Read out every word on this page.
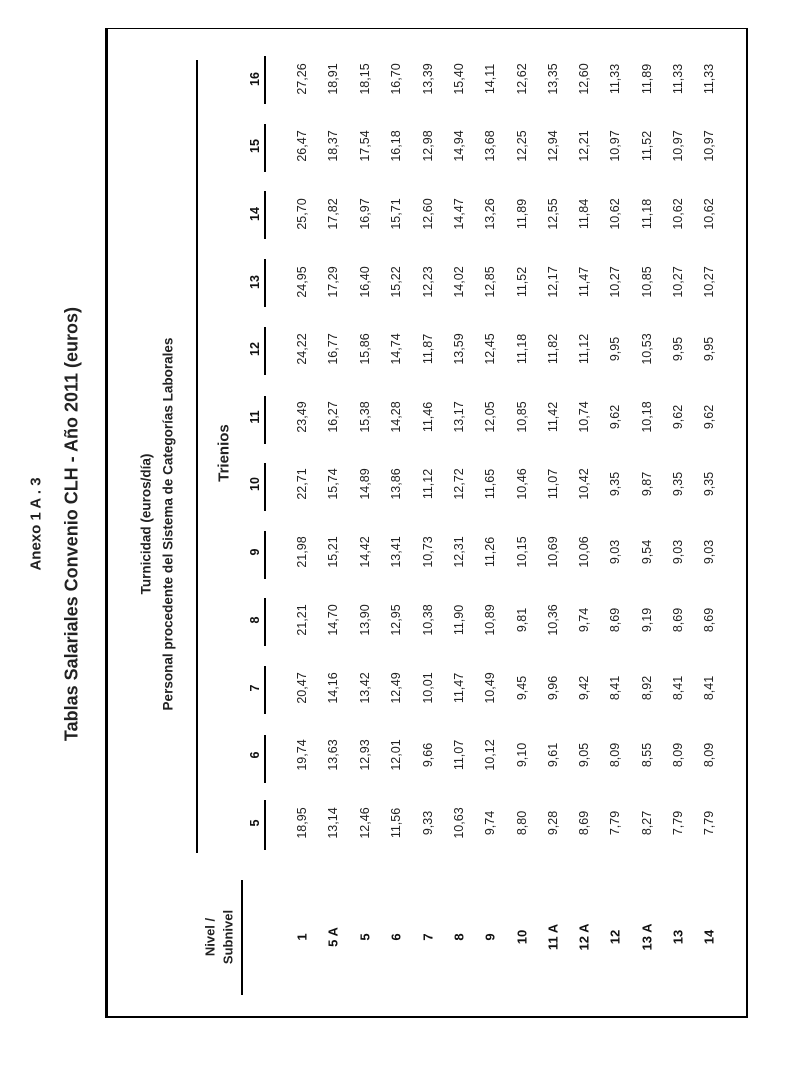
Anexo 1 A . 3 Tablas Salariales Convenio CLH - Año 2011 (euros)	Turnicidad (euros/día) Personal procedente del Sistema de Categorías Laborales	Trienios
Nivel / Subnivel
5
6
7
8
9
10
11
12
13
14
15
16
1
18,95
19,74
20,47
21,21
21,98
22,71
23,49
24,22
24,95
25,70
26,47
27,26
5 A
13,14
13,63
14,16
14,70
15,21
15,74
16,27
16,77
17,29
17,82
18,37
18,91
5
12,46
12,93
13,42
13,90
14,42
14,89
15,38
15,86
16,40
16,97
17,54
18,15
6
11,56
12,01
12,49
12,95
13,41
13,86
14,28
14,74
15,22
15,71
16,18
16,70
7
9,33
9,66
10,01
10,38
10,73
11,12
11,46
11,87
12,23
12,60
12,98
13,39
8
10,63
11,07
11,47
11,90
12,31
12,72
13,17
13,59
14,02
14,47
14,94
15,40
9
9,74
10,12
10,49
10,89
11,26
11,65
12,05
12,45
12,85
13,26
13,68
14,11
10
8,80
9,10
9,45
9,81
10,15
10,46
10,85
11,18
11,52
11,89
12,25
12,62
11 A
9,28
9,61
9,96
10,36
10,69
11,07
11,42
11,82
12,17
12,55
12,94
13,35
12 A
8,69
9,05
9,42
9,74
10,06
10,42
10,74
11,12
11,47
11,84
12,21
12,60
12
7,79
8,09
8,41
8,69
9,03
9,35
9,62
9,95
10,27
10,62
10,97
11,33
13 A
8,27
8,55
8,92
9,19
9,54
9,87
10,18
10,53
10,85
11,18
11,52
11,89
13
7,79
8,09
8,41
8,69
9,03
9,35
9,62
9,95
10,27
10,62
10,97
11,33
14
7,79
8,09
8,41
8,69
9,03
9,35
9,62
9,95
10,27
10,62
10,97
11,33
